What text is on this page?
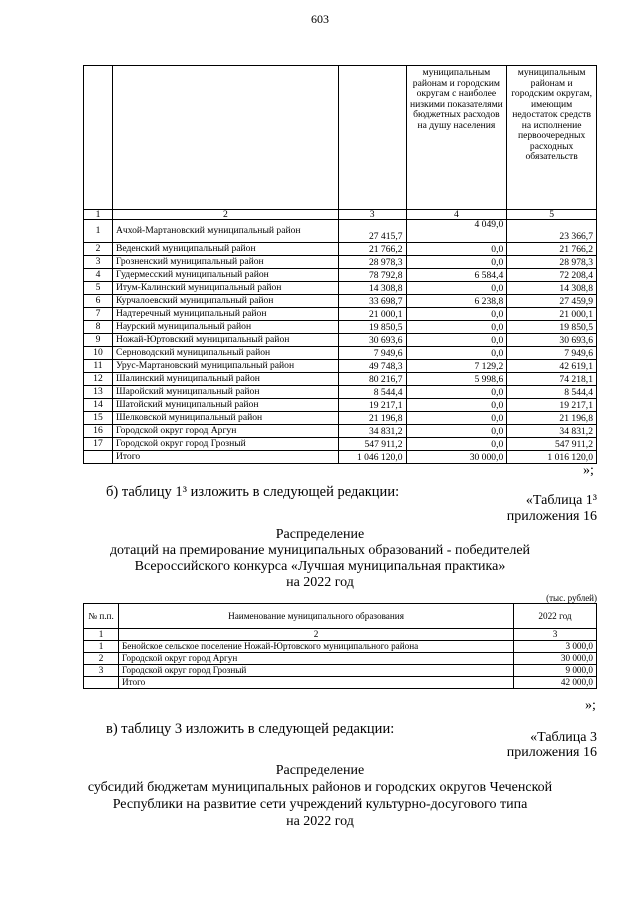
603
			муниципальным районам и городским округам с наиболее низкими показателями бюджетных расходов на душу населения	муниципальным районам и городским округам, имеющим недостаток средств на исполнение первоочередных расходных обязательств
1	2	3	4	5
1	Ачхой-Мартановский муниципальный район	27 415,7	4 049,0	23 366,7
2	Веденский муниципальный район	21 766,2	0,0	21 766,2
3	Грозненский муниципальный район	28 978,3	0,0	28 978,3
4	Гудермесский муниципальный район	78 792,8	6 584,4	72 208,4
5	Итум-Калинский муниципальный район	14 308,8	0,0	14 308,8
6	Курчалоевский муниципальный район	33 698,7	6 238,8	27 459,9
7	Надтеречный муниципальный район	21 000,1	0,0	21 000,1
8	Наурский муниципальный район	19 850,5	0,0	19 850,5
9	Ножай-Юртовский муниципальный район	30 693,6	0,0	30 693,6
10	Серноводский муниципальный район	7 949,6	0,0	7 949,6
11	Урус-Мартановский муниципальный район	49 748,3	7 129,2	42 619,1
12	Шалинский муниципальный район	80 216,7	5 998,6	74 218,1
13	Шаройский муниципальный район	8 544,4	0,0	8 544,4
14	Шатойский муниципальный район	19 217,1	0,0	19 217,1
15	Шелковской муниципальный район	21 196,8	0,0	21 196,8
16	Городской округ город Аргун	34 831,2	0,0	34 831,2
17	Городской округ город Грозный	547 911,2	0,0	547 911,2
	Итого	1 046 120,0	30 000,0	1 016 120,0
»;
б) таблицу 1³ изложить в следующей редакции:
«Таблица 1³
приложения 16
Распределение
дотаций на премирование муниципальных образований - победителей
Всероссийского конкурса «Лучшая муниципальная практика»
на 2022 год
(тыс. рублей)
№ п.п.	Наименование муниципального образования	2022 год
1	2	3
1	Бенойское сельское поселение Ножай-Юртовского муниципального района	3 000,0
2	Городской округ город Аргун	30 000,0
3	Городской округ город Грозный	9 000,0
	Итого	42 000,0
»;
в) таблицу 3 изложить в следующей редакции:
«Таблица 3
приложения 16
Распределение
субсидий бюджетам муниципальных районов и городских округов Чеченской
Республики на развитие сети учреждений культурно-досугового типа
на 2022 год
